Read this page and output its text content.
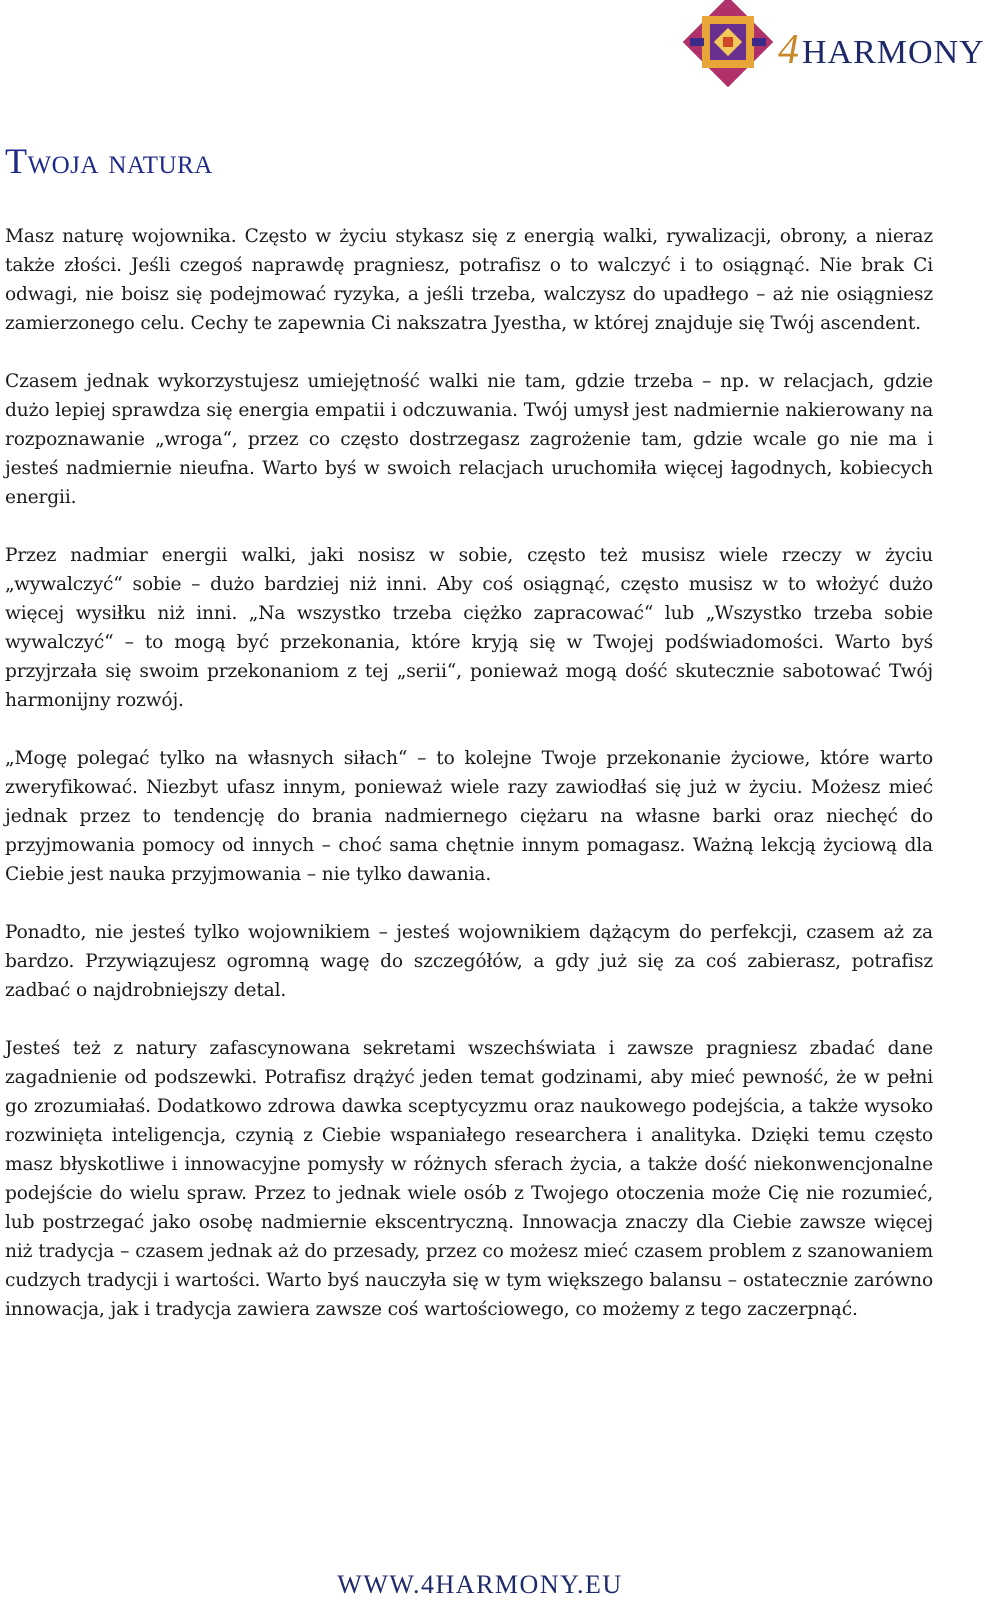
4HARMONY
Twoja natura

Masz naturę wojownika. Często w życiu stykasz się z energią walki, rywalizacji, obrony, a nieraz także złości. Jeśli czegoś naprawdę pragniesz, potrafisz o to walczyć i to osiągnąć. Nie brak Ci odwagi, nie boisz się podejmować ryzyka, a jeśli trzeba, walczysz do upadłego – aż nie osiągniesz zamierzonego celu. Cechy te zapewnia Ci nakszatra Jyestha, w której znajduje się Twój ascendent.

Czasem jednak wykorzystujesz umiejętność walki nie tam, gdzie trzeba – np. w relacjach, gdzie dużo lepiej sprawdza się energia empatii i odczuwania. Twój umysł jest nadmiernie nakierowany na rozpoznawanie „wroga“, przez co często dostrzegasz zagrożenie tam, gdzie wcale go nie ma i jesteś nadmiernie nieufna. Warto byś w swoich relacjach uruchomiła więcej łagodnych, kobiecych energii.

Przez nadmiar energii walki, jaki nosisz w sobie, często też musisz wiele rzeczy w życiu „wywalczyć“ sobie – dużo bardziej niż inni. Aby coś osiągnąć, często musisz w to włożyć dużo więcej wysiłku niż inni. „Na wszystko trzeba ciężko zapracować“ lub „Wszystko trzeba sobie wywalczyć“ – to mogą być przekonania, które kryją się w Twojej podświadomości. Warto byś przyjrzała się swoim przekonaniom z tej „serii“, ponieważ mogą dość skutecznie sabotować Twój harmonijny rozwój.

„Mogę polegać tylko na własnych siłach“ – to kolejne Twoje przekonanie życiowe, które warto zweryfikować. Niezbyt ufasz innym, ponieważ wiele razy zawiodłaś się już w życiu. Możesz mieć jednak przez to tendencję do brania nadmiernego ciężaru na własne barki oraz niechęć do przyjmowania pomocy od innych – choć sama chętnie innym pomagasz. Ważną lekcją życiową dla Ciebie jest nauka przyjmowania – nie tylko dawania.

Ponadto, nie jesteś tylko wojownikiem – jesteś wojownikiem dążącym do perfekcji, czasem aż za bardzo. Przywiązujesz ogromną wagę do szczegółów, a gdy już się za coś zabierasz, potrafisz zadbać o najdrobniejszy detal.

Jesteś też z natury zafascynowana sekretami wszechświata i zawsze pragniesz zbadać dane zagadnienie od podszewki. Potrafisz drążyć jeden temat godzinami, aby mieć pewność, że w pełni go zrozumiałaś. Dodatkowo zdrowa dawka sceptycyzmu oraz naukowego podejścia, a także wysoko rozwinięta inteligencja, czynią z Ciebie wspaniałego researchera i analityka. Dzięki temu często masz błyskotliwe i innowacyjne pomysły w różnych sferach życia, a także dość niekonwencjonalne podejście do wielu spraw. Przez to jednak wiele osób z Twojego otoczenia może Cię nie rozumieć, lub postrzegać jako osobę nadmiernie ekscentryczną. Innowacja znaczy dla Ciebie zawsze więcej niż tradycja – czasem jednak aż do przesady, przez co możesz mieć czasem problem z szanowaniem cudzych tradycji i wartości. Warto byś nauczyła się w tym większego balansu – ostatecznie zarówno innowacja, jak i tradycja zawiera zawsze coś wartościowego, co możemy z tego zaczerpnąć.

WWW.4HARMONY.EU
